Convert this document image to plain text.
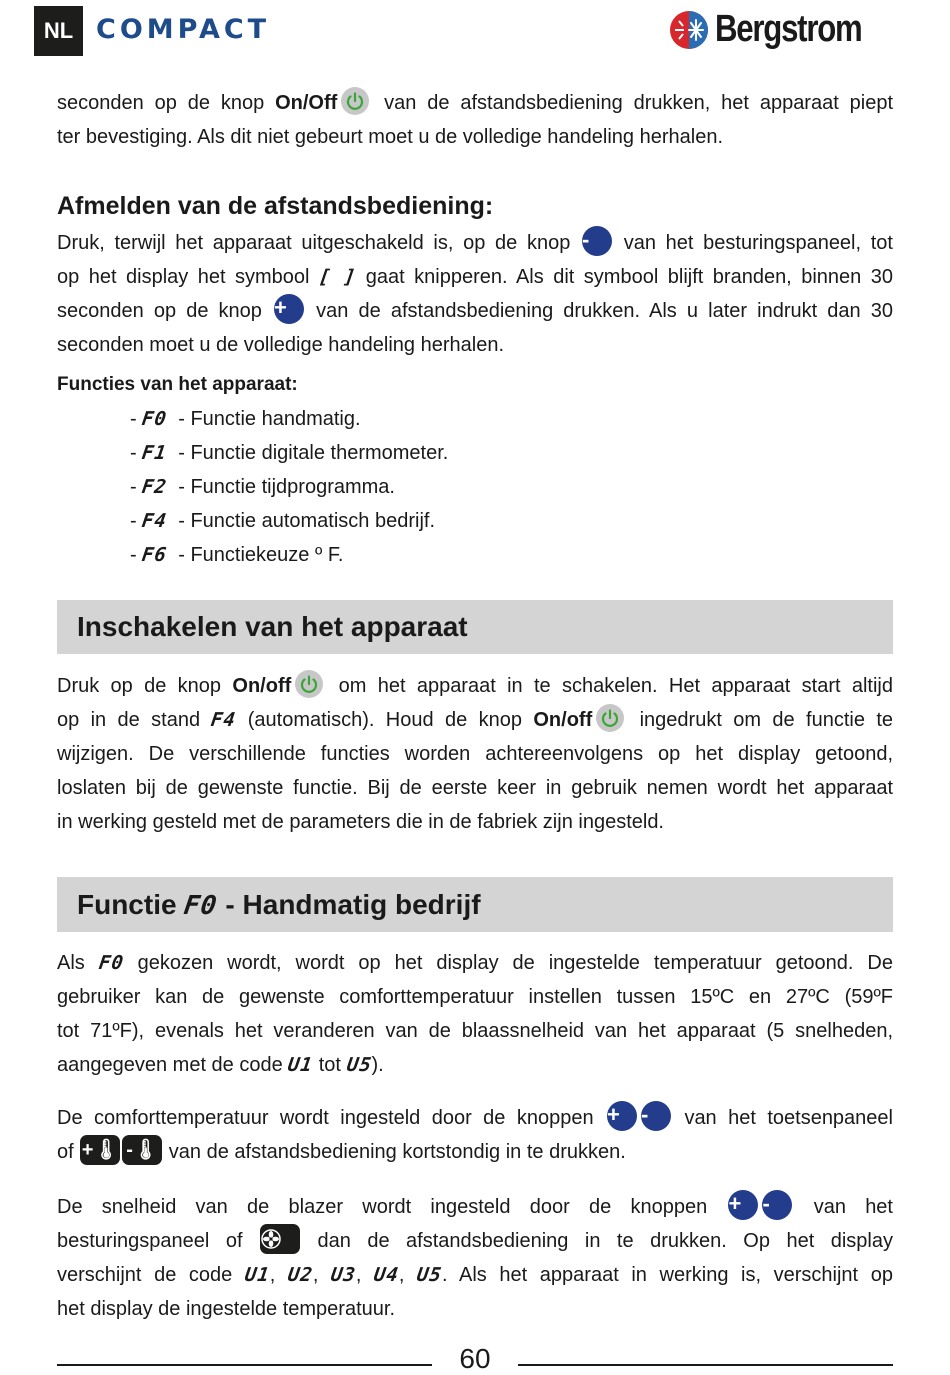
NL COMPACT	Bergstrom

seconden op de knop On/Off
van de afstandsbediening drukken, het apparaat piept

ter bevestiging. Als dit niet gebeurt moet u de volledige handeling herhalen.

Afmelden van de afstandsbediening:

Druk, terwijl het apparaat uitgeschakeld is, op de knop - van het besturingspaneel, tot

op het display het symbool [ ] gaat knipperen. Als dit symbool blijft branden, binnen 30

seconden op de knop + van de afstandsbediening drukken. Als u later indrukt dan 30

seconden moet u de volledige handeling herhalen.

Functies van het apparaat:
- F0 - Functie handmatig.
- F1 - Functie digitale thermometer.
- F2 - Functie tijdprogramma.
- F4 - Functie automatisch bedrijf.
- F6 - Functiekeuze º F.
Inschakelen van het apparaat

Druk op de knop On/off
om het apparaat in te schakelen. Het apparaat start altijd

op in de stand F4 (automatisch). Houd de knop On/off
ingedrukt om de functie te

wijzigen. De verschillende functies worden achtereenvolgens op het display getoond,

loslaten bij de gewenste functie. Bij de eerste keer in gebruik nemen wordt het apparaat

in werking gesteld met de parameters die in de fabriek zijn ingesteld.

Functie F0 - Handmatig bedrijf

Als F0 gekozen wordt, wordt op het display de ingestelde temperatuur getoond. De

gebruiker kan de gewenste comforttemperatuur instellen tussen 15ºC en 27ºC (59ºF

tot 71ºF), evenals het veranderen van de blaassnelheid van het apparaat (5 snelheden,

aangegeven met de code U1 tot U5).

De comforttemperatuur wordt ingesteld door de knoppen + - van het toetsenpaneel

of +🌡︎ -🌡︎ van de afstandsbediening kortstondig in te drukken.

De snelheid van de blazer wordt ingesteld door de knoppen + - van het

besturingspaneel of  dan de afstandsbediening in te drukken. Op het display

verschijnt de code U1, U2, U3, U4, U5. Als het apparaat in werking is, verschijnt op

het display de ingestelde temperatuur.

60
